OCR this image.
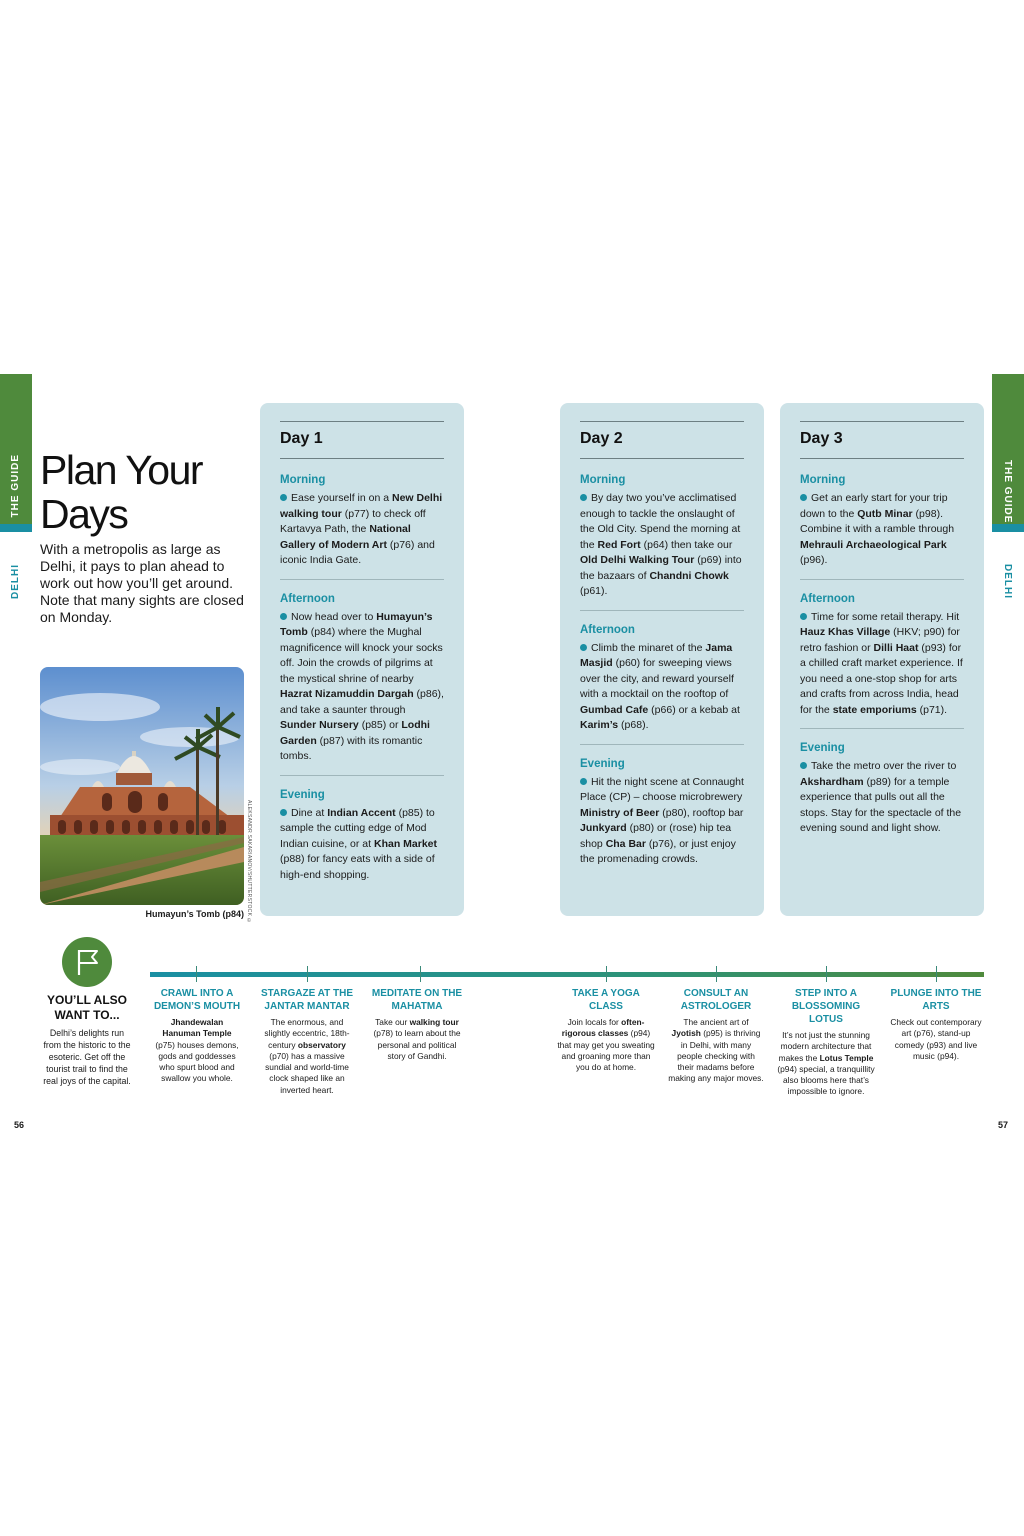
THE GUIDE
DELHI
THE GUIDE
DELHI
Plan Your
Days
With a metropolis as large as Delhi, it pays to plan ahead to work out how you’ll get around. Note that many sights are closed on Monday.
ALEKSANDR SAKARIANOV/SHUTTERSTOCK ©
Humayun’s Tomb (p84)
Day 1
Morning

Ease yourself in on a New Delhi walking tour (p77) to check off Kartavya Path, the National Gallery of Modern Art (p76) and iconic India Gate.

Afternoon

Now head over to Humayun’s Tomb (p84) where the Mughal magnificence will knock your socks off. Join the crowds of pilgrims at the mystical shrine of nearby Hazrat Nizamuddin Dargah (p86), and take a saunter through Sunder Nursery (p85) or Lodhi Garden (p87) with its romantic tombs.

Evening

Dine at Indian Accent (p85) to sample the cutting edge of Mod Indian cuisine, or at Khan Market (p88) for fancy eats with a side of high-end shopping.

Day 2
Morning

By day two you’ve acclimatised enough to tackle the onslaught of the Old City. Spend the morning at the Red Fort (p64) then take our Old Delhi Walking Tour (p69) into the bazaars of Chandni Chowk (p61).

Afternoon

Climb the minaret of the Jama Masjid (p60) for sweeping views over the city, and reward yourself with a mocktail on the rooftop of Gumbad Cafe (p66) or a kebab at Karim’s (p68).

Evening

Hit the night scene at Connaught Place (CP) – choose microbrewery Ministry of Beer (p80), rooftop bar Junkyard (p80) or (rose) hip tea shop Cha Bar (p76), or just enjoy the promenading crowds.

Day 3
Morning

Get an early start for your trip down to the Qutb Minar (p98). Combine it with a ramble through Mehrauli Archaeological Park (p96).

Afternoon

Time for some retail therapy. Hit Hauz Khas Village (HKV; p90) for retro fashion or Dilli Haat (p93) for a chilled craft market experience. If you need a one-stop shop for arts and crafts from across India, head for the state emporiums (p71).

Evening

Take the metro over the river to Akshardham (p89) for a temple experience that pulls out all the stops. Stay for the spectacle of the evening sound and light show.

YOU’LL ALSO WANT TO...
Delhi’s delights run from the historic to the esoteric. Get off the tourist trail to find the real joys of the capital.
CRAWL INTO A DEMON’S MOUTH
Jhandewalan Hanuman Temple (p75) houses demons, gods and goddesses who spurt blood and swallow you whole.
STARGAZE AT THE JANTAR MANTAR
The enormous, and slightly eccentric, 18th-century observatory (p70) has a massive sundial and world-time clock shaped like an inverted heart.
MEDITATE ON THE MAHATMA
Take our walking tour (p78) to learn about the personal and political story of Gandhi.
TAKE A YOGA CLASS
Join locals for often-rigorous classes (p94) that may get you sweating and groaning more than you do at home.
CONSULT AN ASTROLOGER
The ancient art of Jyotish (p95) is thriving in Delhi, with many people checking with their madams before making any major moves.
STEP INTO A BLOSSOMING LOTUS
It’s not just the stunning modern architecture that makes the Lotus Temple (p94) special, a tranquillity also blooms here that’s impossible to ignore.
PLUNGE INTO THE ARTS
Check out contemporary art (p76), stand-up comedy (p93) and live music (p94).
56	57
